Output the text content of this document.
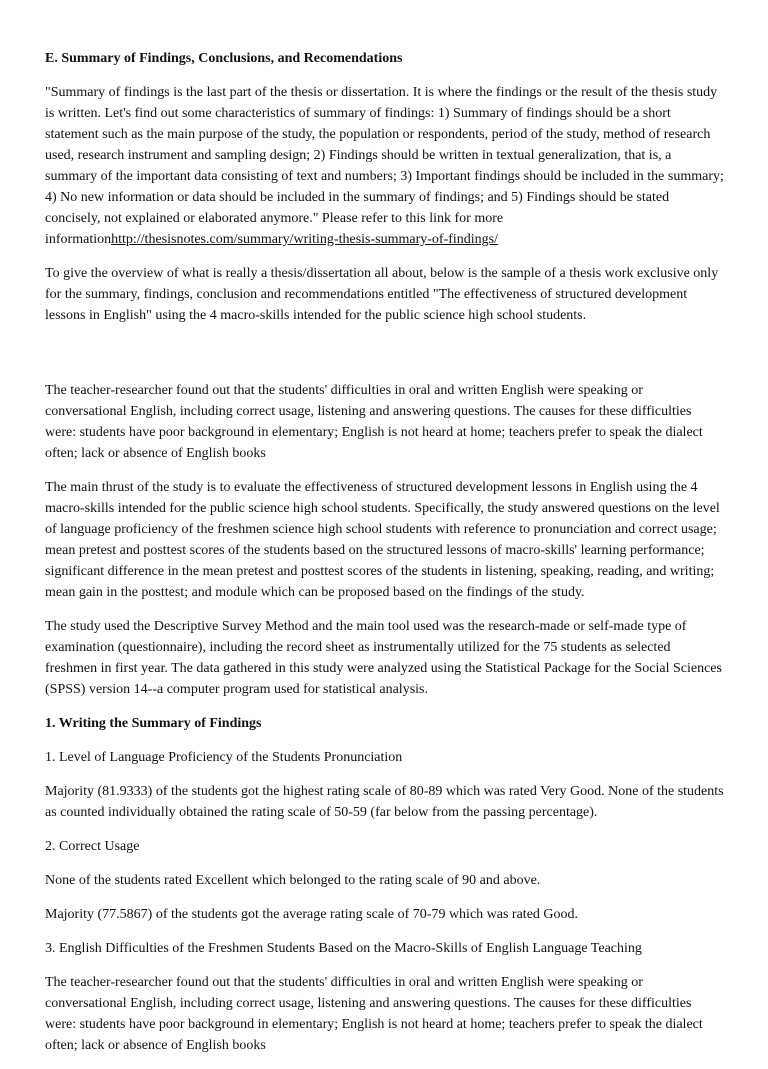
E. Summary of Findings, Conclusions, and Recomendations

"Summary of findings is the last part of the thesis or dissertation. It is where the findings or the result of the thesis study is written. Let's find out some characteristics of summary of findings: 1) Summary of findings should be a short statement such as the main purpose of the study, the population or respondents, period of the study, method of research used, research instrument and sampling design; 2) Findings should be written in textual generalization, that is, a summary of the important data consisting of text and numbers; 3) Important findings should be included in the summary; 4) No new information or data should be included in the summary of findings; and 5) Findings should be stated concisely, not explained or elaborated anymore." Please refer to this link for more informationhttp://thesisnotes.com/summary/writing-thesis-summary-of-findings/

To give the overview of what is really a thesis/dissertation all about, below is the sample of a thesis work exclusive only for the summary, findings, conclusion and recommendations entitled "The effectiveness of structured development lessons in English" using the 4 macro-skills intended for the public science high school students.

The teacher-researcher found out that the students' difficulties in oral and written English were speaking or conversational English, including correct usage, listening and answering questions. The causes for these difficulties were: students have poor background in elementary; English is not heard at home; teachers prefer to speak the dialect often; lack or absence of English books

The main thrust of the study is to evaluate the effectiveness of structured development lessons in English using the 4 macro-skills intended for the public science high school students. Specifically, the study answered questions on the level of language proficiency of the freshmen science high school students with reference to pronunciation and correct usage; mean pretest and posttest scores of the students based on the structured lessons of macro-skills' learning performance; significant difference in the mean pretest and posttest scores of the students in listening, speaking, reading, and writing; mean gain in the posttest; and module which can be proposed based on the findings of the study.

The study used the Descriptive Survey Method and the main tool used was the research-made or self-made type of examination (questionnaire), including the record sheet as instrumentally utilized for the 75 students as selected freshmen in first year. The data gathered in this study were analyzed using the Statistical Package for the Social Sciences (SPSS) version 14--a computer program used for statistical analysis.

1. Writing the Summary of Findings

1. Level of Language Proficiency of the Students Pronunciation

Majority (81.9333) of the students got the highest rating scale of 80-89 which was rated Very Good. None of the students as counted individually obtained the rating scale of 50-59 (far below from the passing percentage).

2. Correct Usage

None of the students rated Excellent which belonged to the rating scale of 90 and above.

Majority (77.5867) of the students got the average rating scale of 70-79 which was rated Good.

3. English Difficulties of the Freshmen Students Based on the Macro-Skills of English Language Teaching

The teacher-researcher found out that the students' difficulties in oral and written English were speaking or conversational English, including correct usage, listening and answering questions. The causes for these difficulties were: students have poor background in elementary; English is not heard at home; teachers prefer to speak the dialect often; lack or absence of English books
